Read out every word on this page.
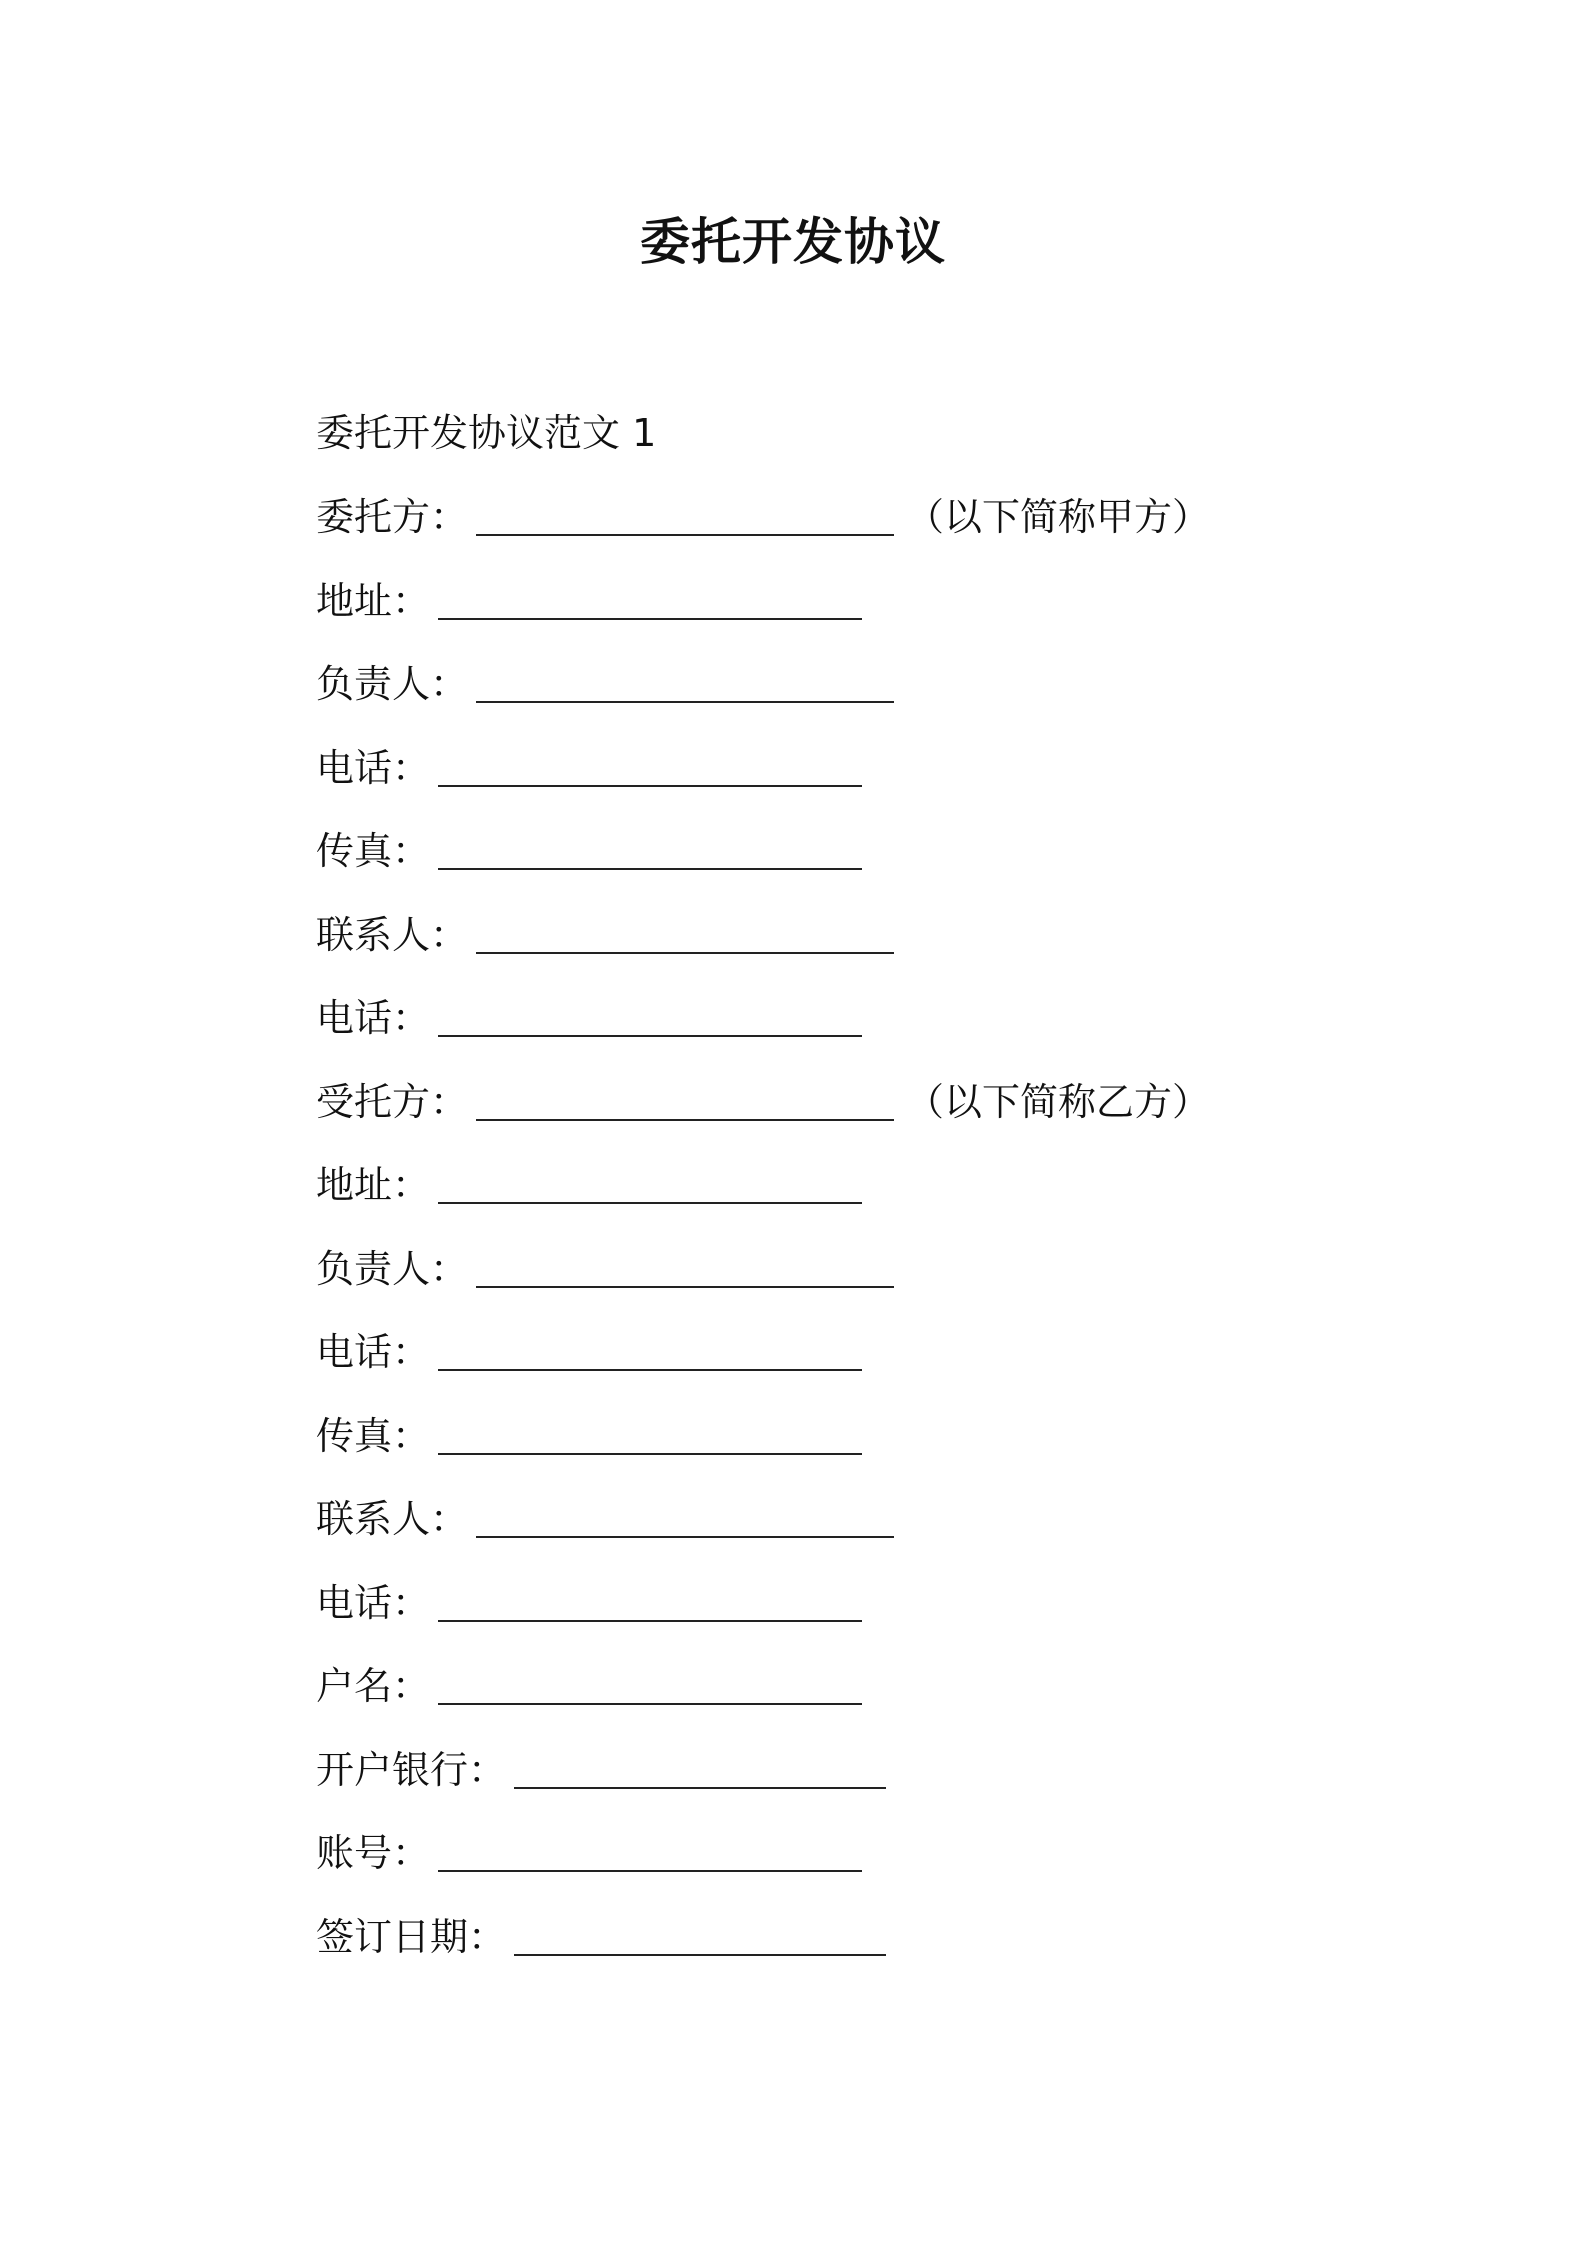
委托开发协议
委托开发协议范文 1
委托方：	（以下简称甲方）
地址：
负责人：
电话：
传真：
联系人：
电话：
受托方：	（以下简称乙方）
地址：
负责人：
电话：
传真：
联系人：
电话：
户名：
开户银行：
账号：
签订日期：
